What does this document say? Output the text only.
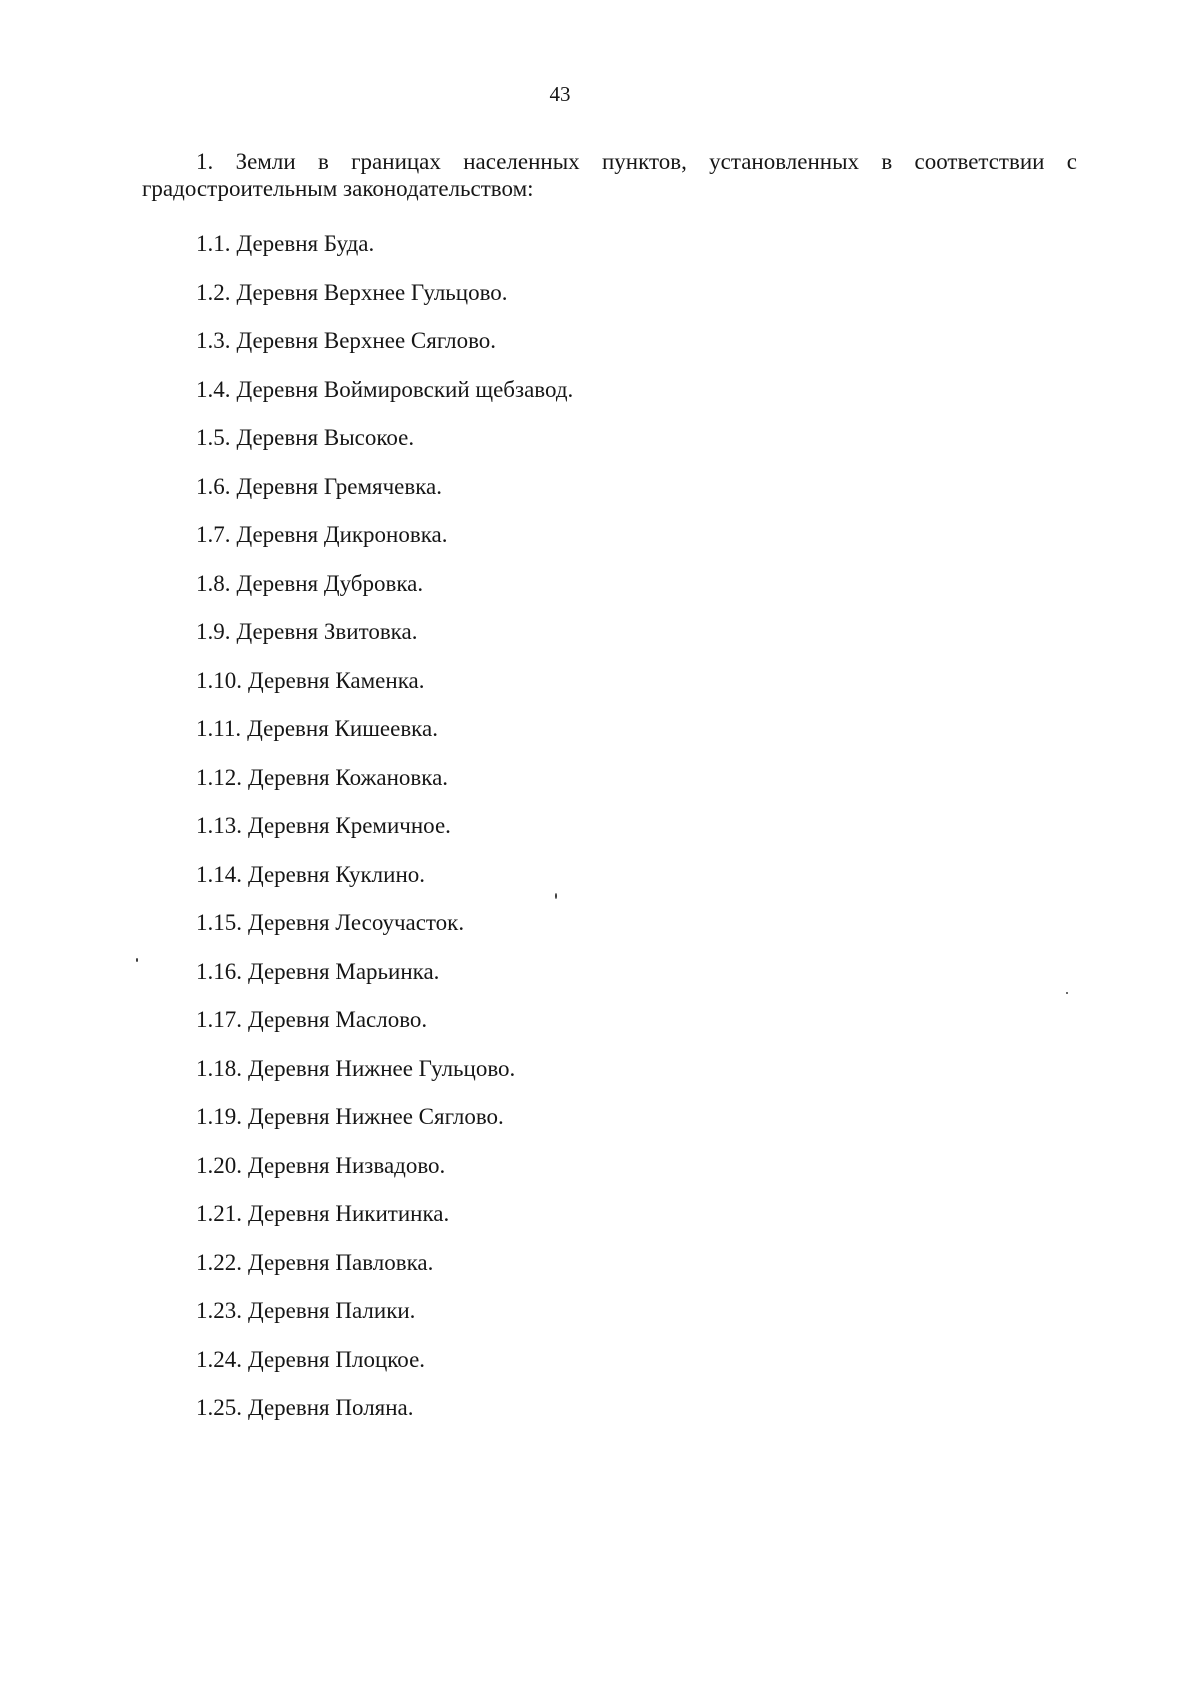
43

1. Земли в границах населенных пунктов, установленных в соответствии с градостроительным законодательством:

1.1. Деревня Буда.
1.2. Деревня Верхнее Гульцово.
1.3. Деревня Верхнее Сяглово.
1.4. Деревня Воймировский щебзавод.
1.5. Деревня Высокое.
1.6. Деревня Гремячевка.
1.7. Деревня Дикроновка.
1.8. Деревня Дубровка.
1.9. Деревня Звитовка.
1.10. Деревня Каменка.
1.11. Деревня Кишеевка.
1.12. Деревня Кожановка.
1.13. Деревня Кремичное.
1.14. Деревня Куклино.
1.15. Деревня Лесоучасток.
1.16. Деревня Марьинка.
1.17. Деревня Маслово.
1.18. Деревня Нижнее Гульцово.
1.19. Деревня Нижнее Сяглово.
1.20. Деревня Низвадово.
1.21. Деревня Никитинка.
1.22. Деревня Павловка.
1.23. Деревня Палики.
1.24. Деревня Плоцкое.
1.25. Деревня Поляна.
